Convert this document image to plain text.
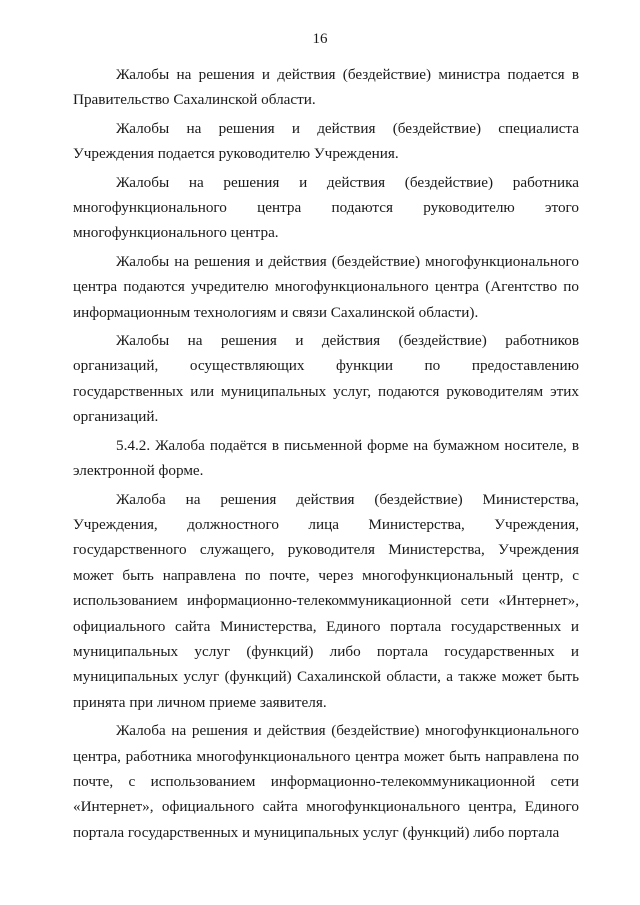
16

Жалобы на решения и действия (бездействие) министра подается в Правительство Сахалинской области.

Жалобы на решения и действия (бездействие) специалиста Учреждения подается руководителю Учреждения.

Жалобы на решения и действия (бездействие) работника многофункционального центра подаются руководителю этого многофункционального центра.

Жалобы на решения и действия (бездействие) многофункционального центра подаются учредителю многофункционального центра (Агентство по информационным технологиям и связи Сахалинской области).

Жалобы на решения и действия (бездействие) работников организаций, осуществляющих функции по предоставлению государственных или муниципальных услуг, подаются руководителям этих организаций.

5.4.2. Жалоба подаётся в письменной форме на бумажном носителе, в электронной форме.

Жалоба на решения действия (бездействие) Министерства, Учреждения, должностного лица Министерства, Учреждения, государственного служащего, руководителя Министерства, Учреждения может быть направлена по почте, через многофункциональный центр, с использованием информационно-телекоммуникационной сети «Интернет», официального сайта Министерства, Единого портала государственных и муниципальных услуг (функций) либо портала государственных и муниципальных услуг (функций) Сахалинской области, а также может быть принята при личном приеме заявителя.

Жалоба на решения и действия (бездействие) многофункционального центра, работника многофункционального центра может быть направлена по почте, с использованием информационно-телекоммуникационной сети «Интернет», официального сайта многофункционального центра, Единого портала государственных и муниципальных услуг (функций) либо портала
